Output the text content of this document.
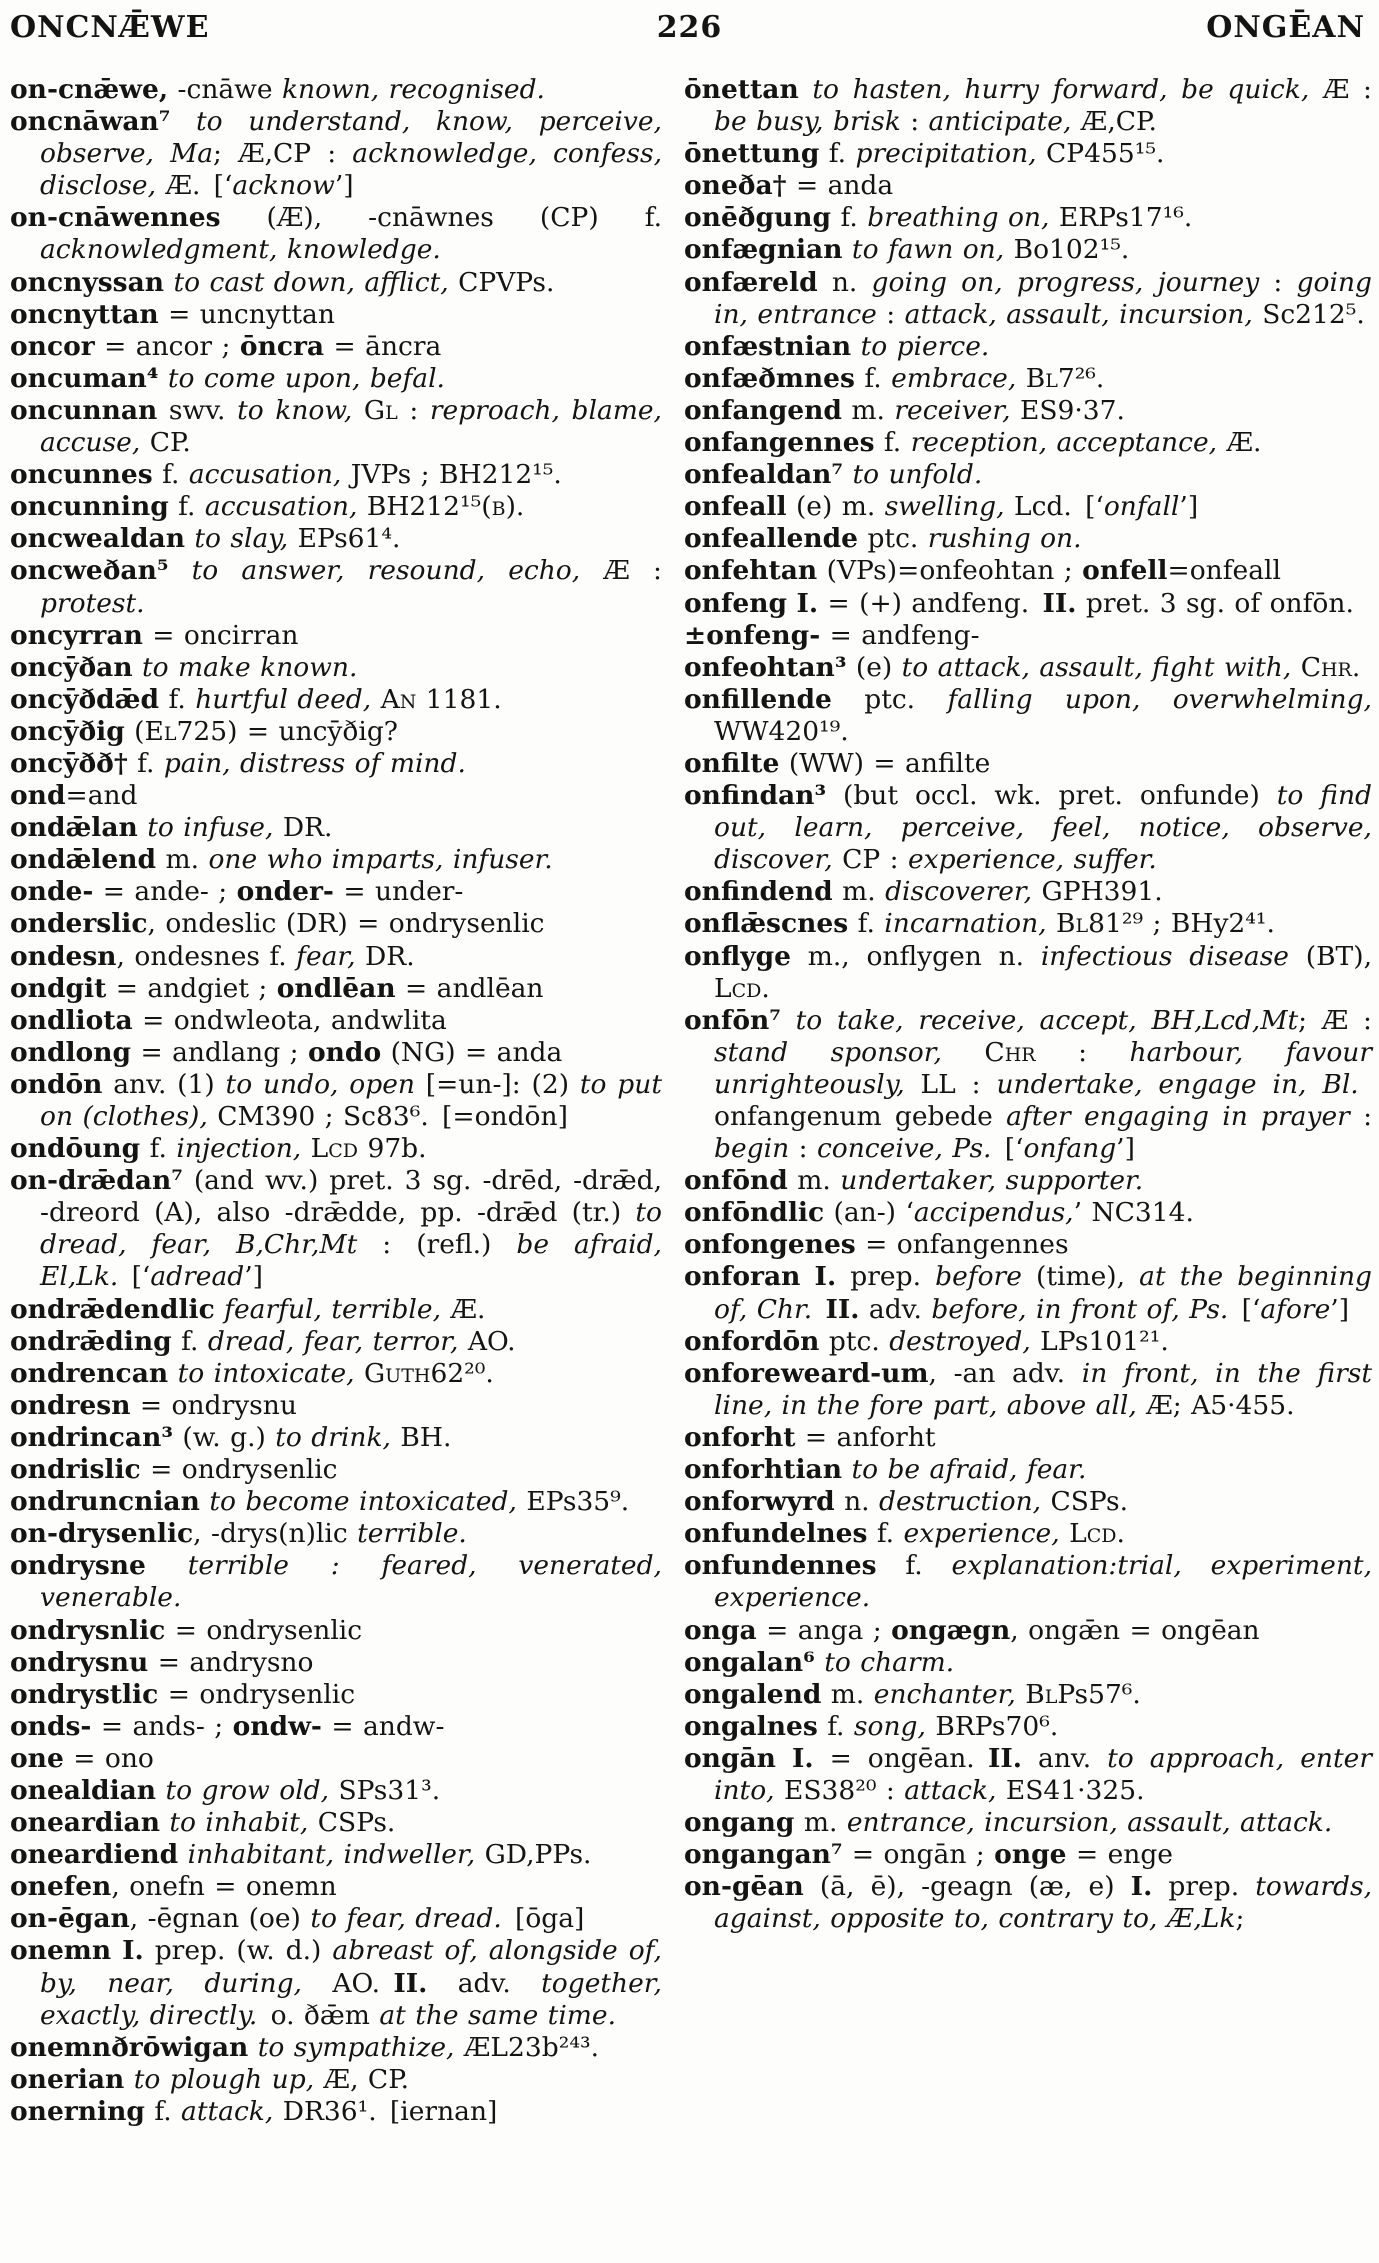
ONCNǢWE	226	ONGĒAN

on-cnǣwe, -cnāwe known, recognised.

oncnāwan⁷ to understand, know, perceive, observe, Ma; Æ,CP : acknowledge, confess, disclose, Æ. [‘acknow’]

on-cnāwennes (Æ), -cnāwnes (CP) f. acknowledgment, knowledge.

oncnyssan to cast down, afflict, CPVPs.

oncnyttan = uncnyttan

oncor = ancor ; ōncra = āncra

oncuman⁴ to come upon, befal.

oncunnan swv. to know, Gl : reproach, blame, accuse, CP.

oncunnes f. accusation, JVPs ; BH212¹⁵.

oncunning f. accusation, BH212¹⁵(b).

oncwealdan to slay, EPs61⁴.

oncweðan⁵ to answer, resound, echo, Æ : protest.

oncyrran = oncirran

oncȳðan to make known.

oncȳðdǣd f. hurtful deed, An 1181.

oncȳðig (El725) = uncȳðig?

oncȳðð† f. pain, distress of mind.

ond=and

ondǣlan to infuse, DR.

ondǣlend m. one who imparts, infuser.

onde- = ande- ; onder- = under-

onderslic, ondeslic (DR) = ondrysenlic

ondesn, ondesnes f. fear, DR.

ondgit = andgiet ; ondlēan = andlēan

ondliota = ondwleota, andwlita

ondlong = andlang ; ondo (NG) = anda

ondōn anv. (1) to undo, open [=un-]: (2) to put on (clothes), CM390 ; Sc83⁶. [=ondōn]

ondōung f. injection, Lcd 97b.

on-drǣdan⁷ (and wv.) pret. 3 sg. -drēd, -drǣd, -dreord (A), also -drǣdde, pp. -drǣd (tr.) to dread, fear, B,Chr,Mt : (refl.) be afraid, El,Lk. [‘adread’]

ondrǣdendlic fearful, terrible, Æ.

ondrǣding f. dread, fear, terror, AO.

ondrencan to intoxicate, Guth62²⁰.

ondresn = ondrysnu

ondrincan³ (w. g.) to drink, BH.

ondrislic = ondrysenlic

ondruncnian to become intoxicated, EPs35⁹.

on-drysenlic, -drys(n)lic terrible.

ondrysne terrible : feared, venerated, venerable.

ondrysnlic = ondrysenlic

ondrysnu = andrysno

ondrystlic = ondrysenlic

onds- = ands- ; ondw- = andw-

one = ono

onealdian to grow old, SPs31³.

oneardian to inhabit, CSPs.

oneardiend inhabitant, indweller, GD,PPs.

onefen, onefn = onemn

on-ēgan, -ēgnan (oe) to fear, dread. [ōga]

onemn I. prep. (w. d.) abreast of, alongside of, by, near, during, AO. II. adv. together, exactly, directly. o. ðǣm at the same time.

onemnðrōwigan to sympathize, ÆL23b²⁴³.

onerian to plough up, Æ, CP.

onerning f. attack, DR36¹. [iernan]

ōnettan to hasten, hurry forward, be quick, Æ : be busy, brisk : anticipate, Æ,CP.

ōnettung f. precipitation, CP455¹⁵.

oneða† = anda

onēðgung f. breathing on, ERPs17¹⁶.

onfægnian to fawn on, Bo102¹⁵.

onfæreld n. going on, progress, journey : going in, entrance : attack, assault, incursion, Sc212⁵.

onfæstnian to pierce.

onfæðmnes f. embrace, Bl7²⁶.

onfangend m. receiver, ES9·37.

onfangennes f. reception, acceptance, Æ.

onfealdan⁷ to unfold.

onfeall (e) m. swelling, Lcd. [‘onfall’]

onfeallende ptc. rushing on.

onfehtan (VPs)=onfeohtan ; onfell=onfeall

onfeng I. = (+) andfeng. II. pret. 3 sg. of onfōn.

±onfeng- = andfeng-

onfeohtan³ (e) to attack, assault, fight with, Chr.

onfillende ptc. falling upon, overwhelming, WW420¹⁹.

onfilte (WW) = anfilte

onfindan³ (but occl. wk. pret. onfunde) to find out, learn, perceive, feel, notice, observe, discover, CP : experience, suffer.

onfindend m. discoverer, GPH391.

onflǣscnes f. incarnation, Bl81²⁹ ; BHy2⁴¹.

onflyge m., onflygen n. infectious disease (BT), Lcd.

onfōn⁷ to take, receive, accept, BH,Lcd,Mt; Æ : stand sponsor, Chr : harbour, favour unrighteously, LL : undertake, engage in, Bl. onfangenum gebede after engaging in prayer : begin : conceive, Ps. [‘onfang’]

onfōnd m. undertaker, supporter.

onfōndlic (an-) ‘accipendus,’ NC314.

onfongenes = onfangennes

onforan I. prep. before (time), at the beginning of, Chr.  II. adv. before, in front of, Ps. [‘afore’]

onfordōn ptc. destroyed, LPs101²¹.

onforeweard-um, -an adv. in front, in the first line, in the fore part, above all, Æ; A5·455.

onforht = anforht

onforhtian to be afraid, fear.

onforwyrd n. destruction, CSPs.

onfundelnes f. experience, Lcd.

onfundennes f. explanation:trial, experiment, experience.

onga = anga ; ongægn, ongǣn = ongēan

ongalan⁶ to charm.

ongalend m. enchanter, BlPs57⁶.

ongalnes f. song, BRPs70⁶.

ongān I. = ongēan. II. anv. to approach, enter into, ES38²⁰ : attack, ES41·325.

ongang m. entrance, incursion, assault, attack.

ongangan⁷ = ongān ; onge = enge

on-gēan (ā, ē), -geagn (æ, e) I. prep. towards, against, opposite to, contrary to, Æ,Lk;
